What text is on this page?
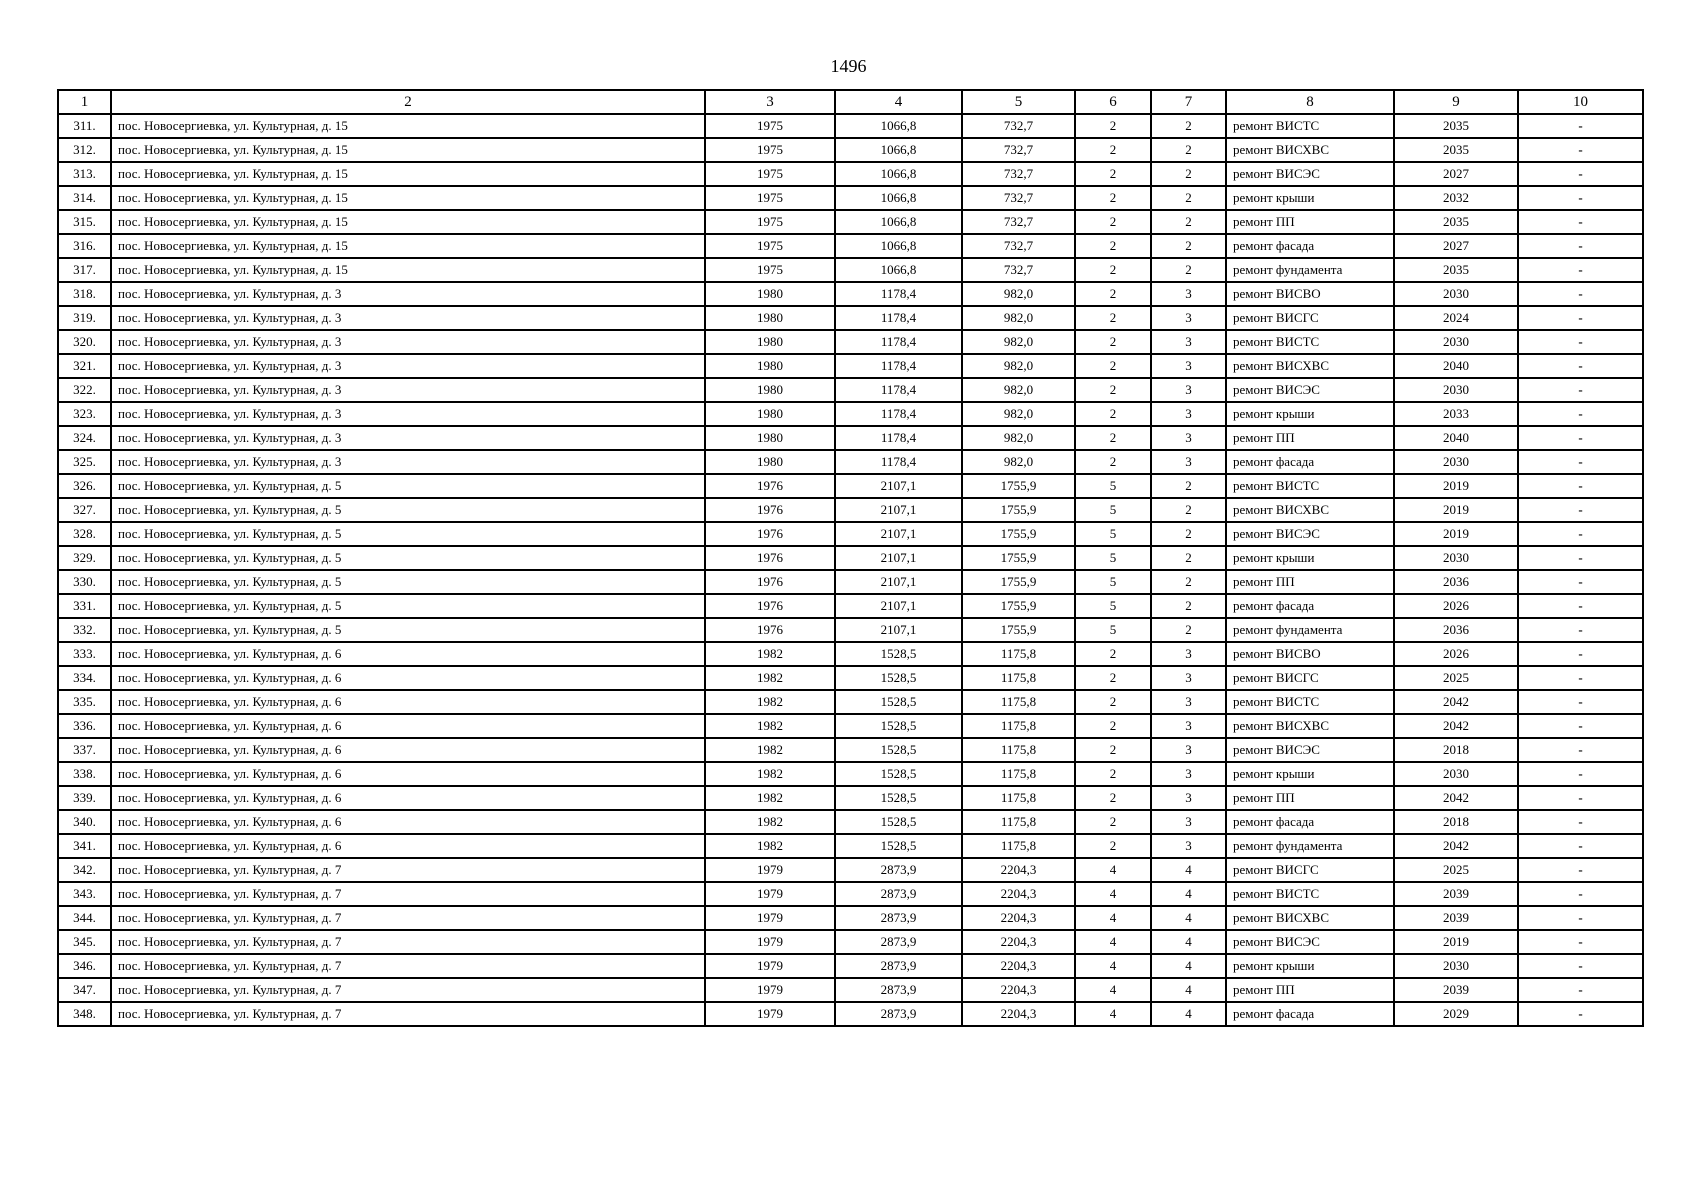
1496
1	2	3	4	5	6	7	8	9	10
311.	пос. Новосергиевка, ул. Культурная, д. 15	1975	1066,8	732,7	2	2	ремонт ВИСТС	2035	-
312.	пос. Новосергиевка, ул. Культурная, д. 15	1975	1066,8	732,7	2	2	ремонт ВИСХВС	2035	-
313.	пос. Новосергиевка, ул. Культурная, д. 15	1975	1066,8	732,7	2	2	ремонт ВИСЭС	2027	-
314.	пос. Новосергиевка, ул. Культурная, д. 15	1975	1066,8	732,7	2	2	ремонт крыши	2032	-
315.	пос. Новосергиевка, ул. Культурная, д. 15	1975	1066,8	732,7	2	2	ремонт ПП	2035	-
316.	пос. Новосергиевка, ул. Культурная, д. 15	1975	1066,8	732,7	2	2	ремонт фасада	2027	-
317.	пос. Новосергиевка, ул. Культурная, д. 15	1975	1066,8	732,7	2	2	ремонт фундамента	2035	-
318.	пос. Новосергиевка, ул. Культурная, д. 3	1980	1178,4	982,0	2	3	ремонт ВИСВО	2030	-
319.	пос. Новосергиевка, ул. Культурная, д. 3	1980	1178,4	982,0	2	3	ремонт ВИСГС	2024	-
320.	пос. Новосергиевка, ул. Культурная, д. 3	1980	1178,4	982,0	2	3	ремонт ВИСТС	2030	-
321.	пос. Новосергиевка, ул. Культурная, д. 3	1980	1178,4	982,0	2	3	ремонт ВИСХВС	2040	-
322.	пос. Новосергиевка, ул. Культурная, д. 3	1980	1178,4	982,0	2	3	ремонт ВИСЭС	2030	-
323.	пос. Новосергиевка, ул. Культурная, д. 3	1980	1178,4	982,0	2	3	ремонт крыши	2033	-
324.	пос. Новосергиевка, ул. Культурная, д. 3	1980	1178,4	982,0	2	3	ремонт ПП	2040	-
325.	пос. Новосергиевка, ул. Культурная, д. 3	1980	1178,4	982,0	2	3	ремонт фасада	2030	-
326.	пос. Новосергиевка, ул. Культурная, д. 5	1976	2107,1	1755,9	5	2	ремонт ВИСТС	2019	-
327.	пос. Новосергиевка, ул. Культурная, д. 5	1976	2107,1	1755,9	5	2	ремонт ВИСХВС	2019	-
328.	пос. Новосергиевка, ул. Культурная, д. 5	1976	2107,1	1755,9	5	2	ремонт ВИСЭС	2019	-
329.	пос. Новосергиевка, ул. Культурная, д. 5	1976	2107,1	1755,9	5	2	ремонт крыши	2030	-
330.	пос. Новосергиевка, ул. Культурная, д. 5	1976	2107,1	1755,9	5	2	ремонт ПП	2036	-
331.	пос. Новосергиевка, ул. Культурная, д. 5	1976	2107,1	1755,9	5	2	ремонт фасада	2026	-
332.	пос. Новосергиевка, ул. Культурная, д. 5	1976	2107,1	1755,9	5	2	ремонт фундамента	2036	-
333.	пос. Новосергиевка, ул. Культурная, д. 6	1982	1528,5	1175,8	2	3	ремонт ВИСВО	2026	-
334.	пос. Новосергиевка, ул. Культурная, д. 6	1982	1528,5	1175,8	2	3	ремонт ВИСГС	2025	-
335.	пос. Новосергиевка, ул. Культурная, д. 6	1982	1528,5	1175,8	2	3	ремонт ВИСТС	2042	-
336.	пос. Новосергиевка, ул. Культурная, д. 6	1982	1528,5	1175,8	2	3	ремонт ВИСХВС	2042	-
337.	пос. Новосергиевка, ул. Культурная, д. 6	1982	1528,5	1175,8	2	3	ремонт ВИСЭС	2018	-
338.	пос. Новосергиевка, ул. Культурная, д. 6	1982	1528,5	1175,8	2	3	ремонт крыши	2030	-
339.	пос. Новосергиевка, ул. Культурная, д. 6	1982	1528,5	1175,8	2	3	ремонт ПП	2042	-
340.	пос. Новосергиевка, ул. Культурная, д. 6	1982	1528,5	1175,8	2	3	ремонт фасада	2018	-
341.	пос. Новосергиевка, ул. Культурная, д. 6	1982	1528,5	1175,8	2	3	ремонт фундамента	2042	-
342.	пос. Новосергиевка, ул. Культурная, д. 7	1979	2873,9	2204,3	4	4	ремонт ВИСГС	2025	-
343.	пос. Новосергиевка, ул. Культурная, д. 7	1979	2873,9	2204,3	4	4	ремонт ВИСТС	2039	-
344.	пос. Новосергиевка, ул. Культурная, д. 7	1979	2873,9	2204,3	4	4	ремонт ВИСХВС	2039	-
345.	пос. Новосергиевка, ул. Культурная, д. 7	1979	2873,9	2204,3	4	4	ремонт ВИСЭС	2019	-
346.	пос. Новосергиевка, ул. Культурная, д. 7	1979	2873,9	2204,3	4	4	ремонт крыши	2030	-
347.	пос. Новосергиевка, ул. Культурная, д. 7	1979	2873,9	2204,3	4	4	ремонт ПП	2039	-
348.	пос. Новосергиевка, ул. Культурная, д. 7	1979	2873,9	2204,3	4	4	ремонт фасада	2029	-
